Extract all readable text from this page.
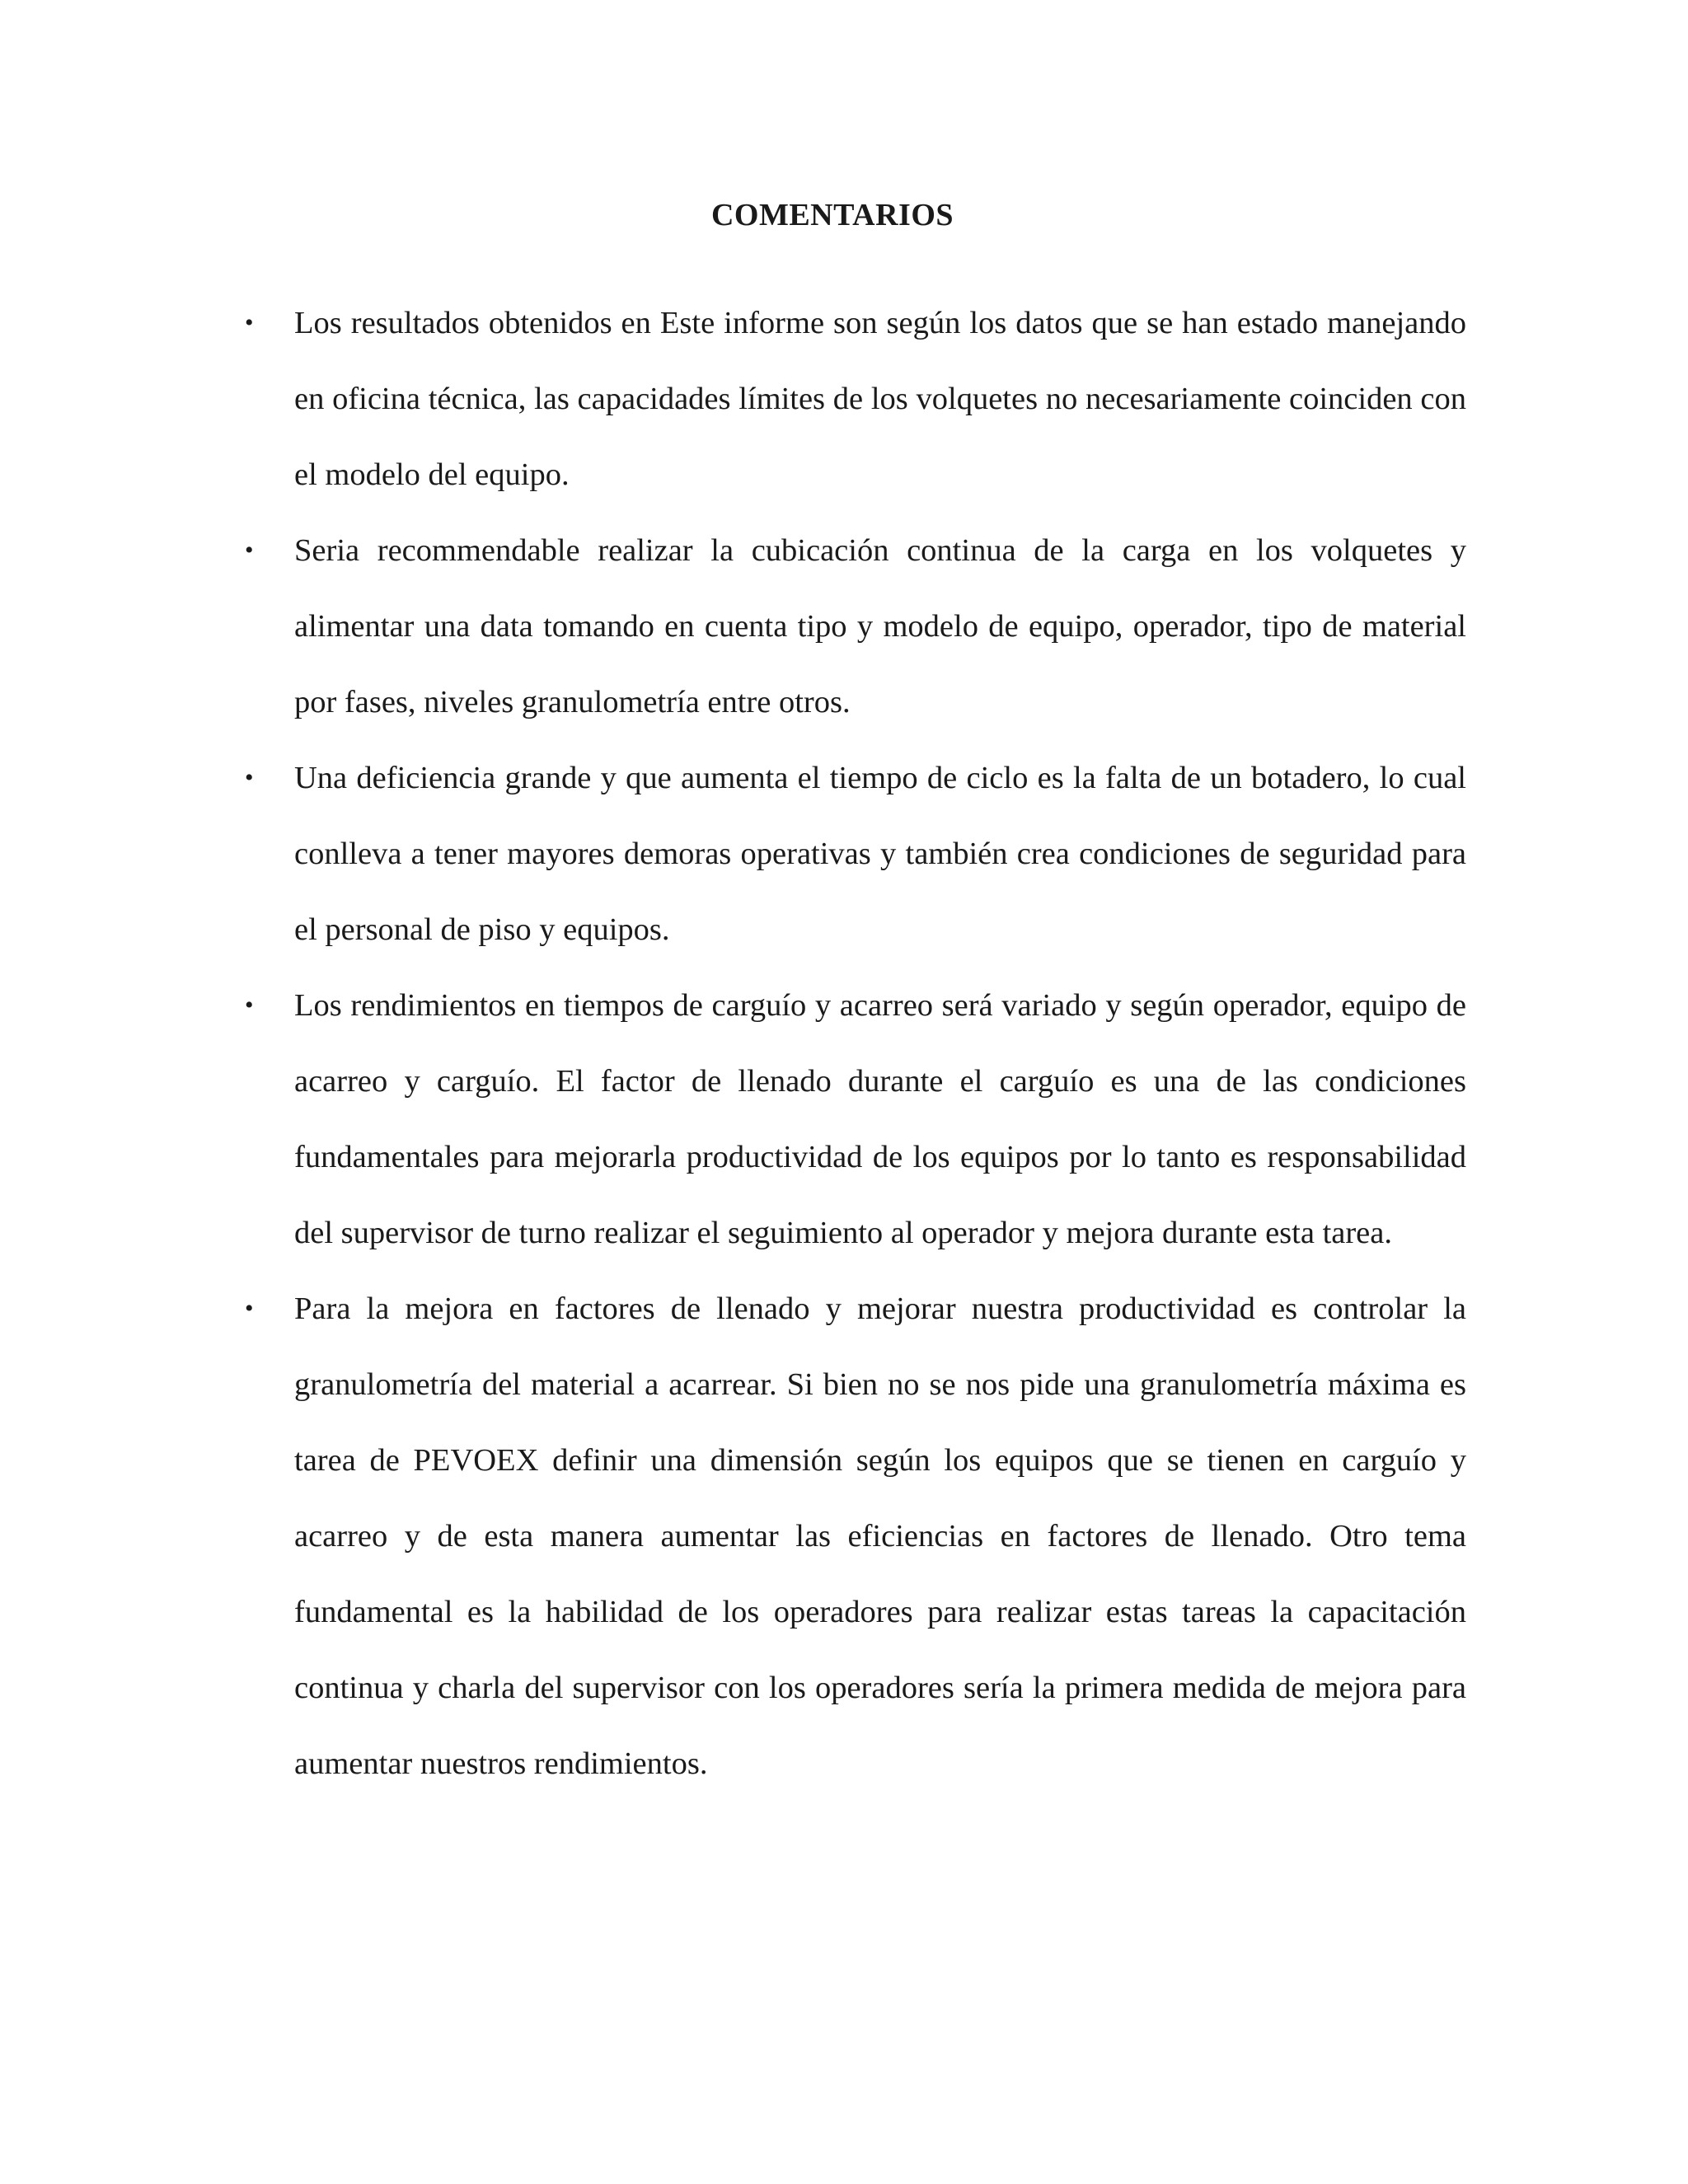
COMENTARIOS
•	Los resultados obtenidos en Este informe son según los datos que se han estado manejando en oficina técnica, las capacidades límites de los volquetes no necesariamente coinciden con el modelo del equipo.
•	Seria recommendable realizar la cubicación continua de la carga en los volquetes y alimentar una data tomando en cuenta tipo y modelo de equipo, operador, tipo de material por fases, niveles granulometría entre otros.
•	Una deficiencia grande y que aumenta el tiempo de ciclo es la falta de un botadero, lo cual conlleva a tener mayores demoras operativas y también crea condiciones de seguridad para el personal de piso y equipos.
•	Los rendimientos en tiempos de carguío y acarreo será variado y según operador, equipo de acarreo y carguío. El factor de llenado durante el carguío es una de las condiciones fundamentales para mejorarla productividad de los equipos por lo tanto es responsabilidad del supervisor de turno realizar el seguimiento al operador y mejora durante esta tarea.
•	Para la mejora en factores de llenado y mejorar nuestra productividad es controlar la granulometría del material a acarrear. Si bien no se nos pide una granulometría máxima es tarea de PEVOEX definir una dimensión según los equipos que se tienen en carguío y acarreo y de esta manera aumentar las eficiencias en factores de llenado. Otro tema fundamental es la habilidad de los operadores para realizar estas tareas la capacitación continua y charla del supervisor con los operadores sería la primera medida de mejora para aumentar nuestros rendimientos.
